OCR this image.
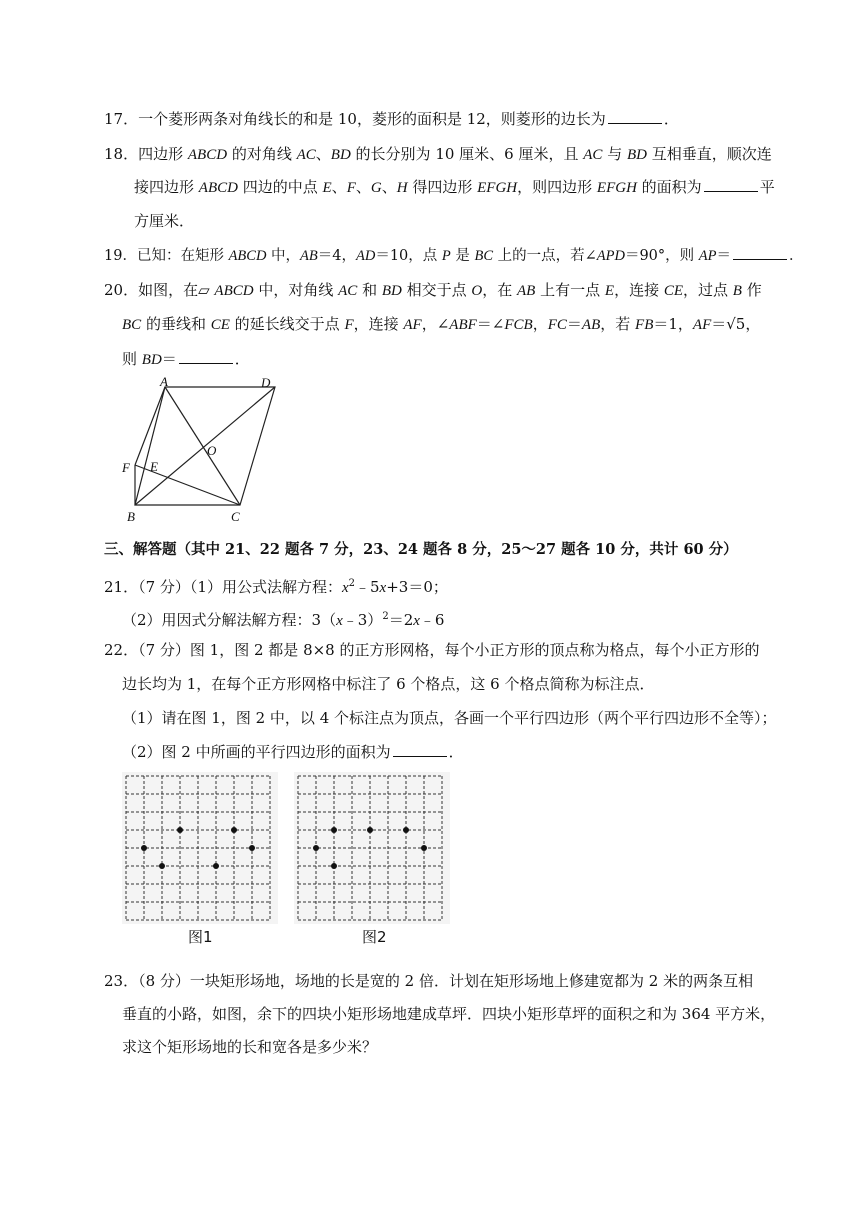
17．一个菱形两条对角线长的和是 10，菱形的面积是 12，则菱形的边长为	．
18．四边形 ABCD 的对角线 AC、BD 的长分别为 10 厘米、6 厘米，且 AC 与 BD 互相垂直，顺次连
接四边形 ABCD 四边的中点 E、F、G、H 得四边形 EFGH，则四边形 EFGH 的面积为	平
方厘米．
19．已知：在矩形 ABCD 中，AB＝4，AD＝10，点 P 是 BC 上的一点，若∠APD＝90°，则 AP＝	．
20．如图，在▱ ABCD 中，对角线 AC 和 BD 相交于点 O，在 AB 上有一点 E，连接 CE，过点 B 作
BC 的垂线和 CE 的延长线交于点 F，连接 AF，∠ABF＝∠FCB，FC＝AB，若 FB＝1，AF＝√5，
则 BD＝	．
A	D
O
F E
B	C
三、解答题（其中 21、22 题各 7 分，23、24 题各 8 分，25～27 题各 10 分，共计 60 分）
21．（7 分）（1）用公式法解方程：$x^2﹣5x+3=0$；
（2）用因式分解法解方程：3（x﹣3）$^2$＝2x﹣6
22．（7 分）图 1，图 2 都是 8×8 的正方形网格，每个小正方形的顶点称为格点，每个小正方形的
边长均为 1，在每个正方形网格中标注了 6 个格点，这 6 个格点简称为标注点．
（1）请在图 1，图 2 中，以 4 个标注点为顶点，各画一个平行四边形（两个平行四边形不全等）；
（2）图 2 中所画的平行四边形的面积为	．
图1	图2
23．（8 分）一块矩形场地，场地的长是宽的 2 倍．计划在矩形场地上修建宽都为 2 米的两条互相
垂直的小路，如图，余下的四块小矩形场地建成草坪．四块小矩形草坪的面积之和为 364 平方米，
求这个矩形场地的长和宽各是多少米？
